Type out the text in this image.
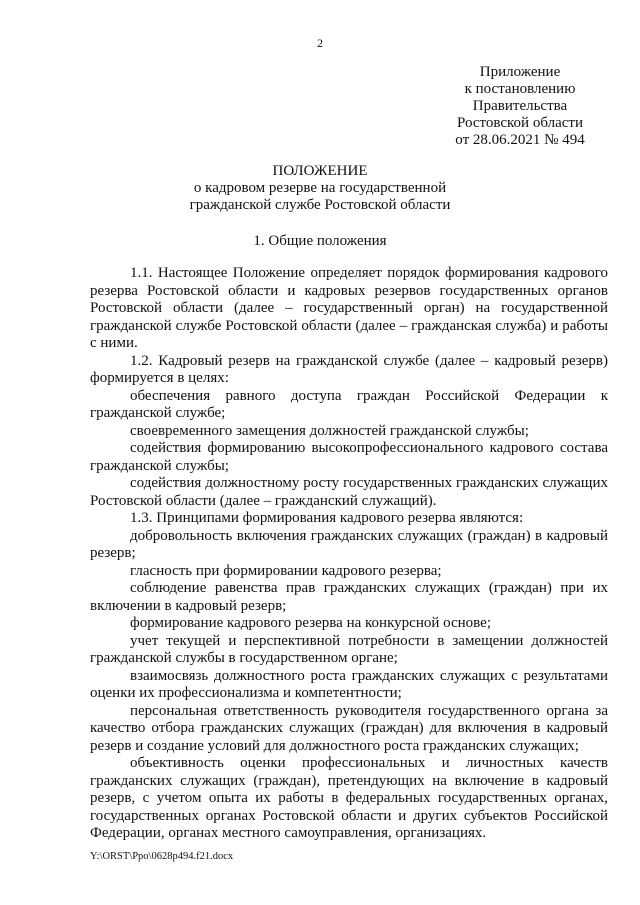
2
Приложение
к постановлению
Правительства
Ростовской области
от 28.06.2021 № 494
ПОЛОЖЕНИЕ
о кадровом резерве на государственной
гражданской службе Ростовской области
1. Общие положения

1.1. Настоящее Положение определяет порядок формирования кадрового резерва Ростовской области и кадровых резервов государственных органов Ростовской области (далее – государственный орган) на государственной гражданской службе Ростовской области (далее – гражданская служба) и работы с ними.

1.2. Кадровый резерв на гражданской службе (далее – кадровый резерв) формируется в целях:

обеспечения равного доступа граждан Российской Федерации к гражданской службе;

своевременного замещения должностей гражданской службы;

содействия формированию высокопрофессионального кадрового состава гражданской службы;

содействия должностному росту государственных гражданских служащих Ростовской области (далее – гражданский служащий).

1.3. Принципами формирования кадрового резерва являются:

добровольность включения гражданских служащих (граждан) в кадровый резерв;

гласность при формировании кадрового резерва;

соблюдение равенства прав гражданских служащих (граждан) при их включении в кадровый резерв;

формирование кадрового резерва на конкурсной основе;

учет текущей и перспективной потребности в замещении должностей гражданской службы в государственном органе;

взаимосвязь должностного роста гражданских служащих с результатами оценки их профессионализма и компетентности;

персональная ответственность руководителя государственного органа за качество отбора гражданских служащих (граждан) для включения в кадровый резерв и создание условий для должностного роста гражданских служащих;

объективность оценки профессиональных и личностных качеств гражданских служащих (граждан), претендующих на включение в кадровый резерв, с учетом опыта их работы в федеральных государственных органах, государственных органах Ростовской области и других субъектов Российской Федерации, органах местного самоуправления, организациях.

Y:\ORST\Ppo\0628p494.f21.docx
